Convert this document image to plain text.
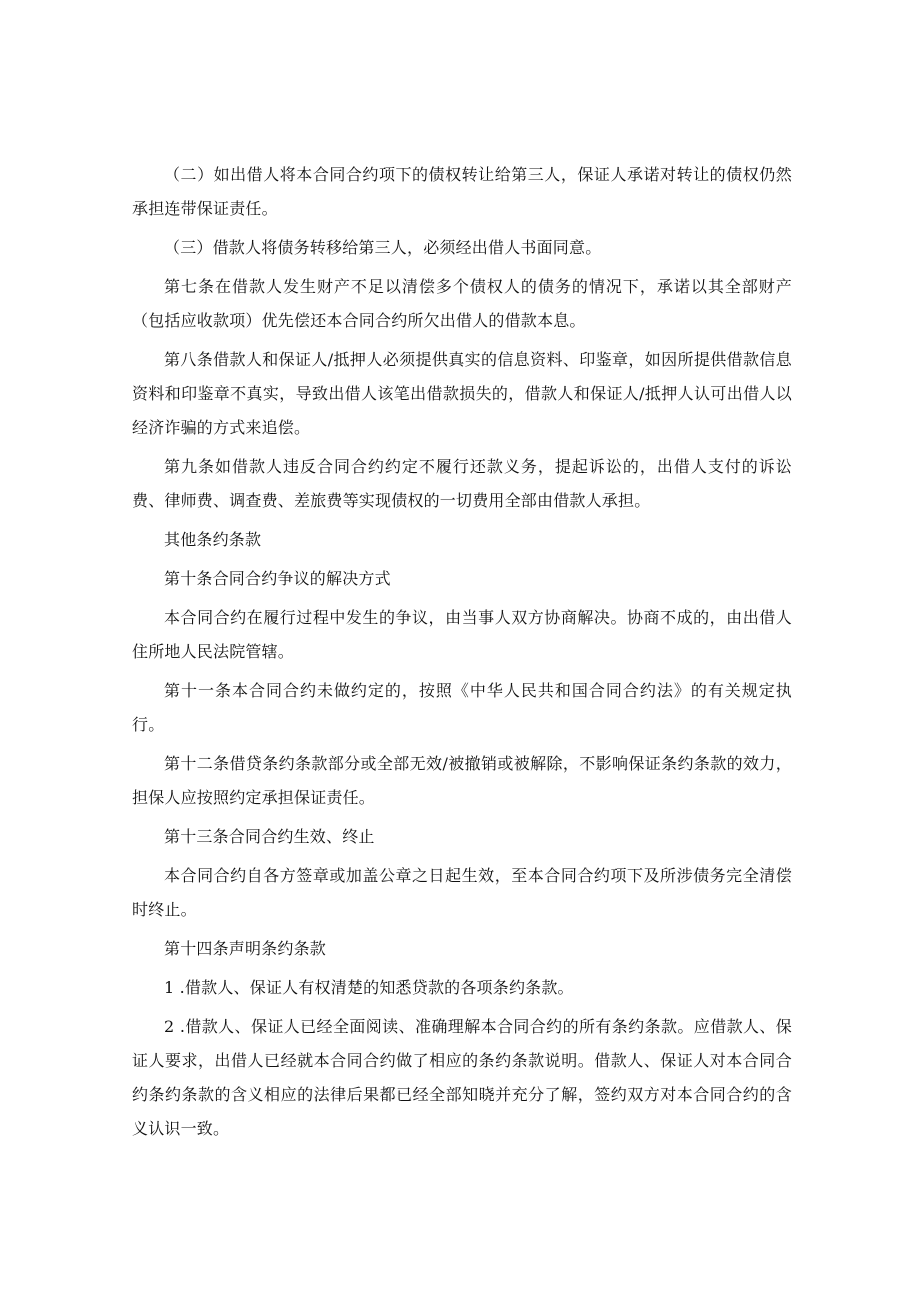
（二）如出借人将本合同合约项下的债权转让给第三人，保证人承诺对转让的债权仍然承担连带保证责任。

（三）借款人将债务转移给第三人，必须经出借人书面同意。

第七条在借款人发生财产不足以清偿多个债权人的债务的情况下，承诺以其全部财产（包括应收款项）优先偿还本合同合约所欠出借人的借款本息。

第八条借款人和保证人/抵押人必须提供真实的信息资料、印鉴章，如因所提供借款信息资料和印鉴章不真实，导致出借人该笔出借款损失的，借款人和保证人/抵押人认可出借人以经济诈骗的方式来追偿。

第九条如借款人违反合同合约约定不履行还款义务，提起诉讼的，出借人支付的诉讼费、律师费、调查费、差旅费等实现债权的一切费用全部由借款人承担。

其他条约条款

第十条合同合约争议的解决方式

本合同合约在履行过程中发生的争议，由当事人双方协商解决。协商不成的，由出借人住所地人民法院管辖。

第十一条本合同合约未做约定的，按照《中华人民共和国合同合约法》的有关规定执行。

第十二条借贷条约条款部分或全部无效/被撤销或被解除，不影响保证条约条款的效力，担保人应按照约定承担保证责任。

第十三条合同合约生效、终止

本合同合约自各方签章或加盖公章之日起生效，至本合同合约项下及所涉债务完全清偿时终止。

第十四条声明条约条款

1 .借款人、保证人有权清楚的知悉贷款的各项条约条款。

2 .借款人、保证人已经全面阅读、准确理解本合同合约的所有条约条款。应借款人、保证人要求，出借人已经就本合同合约做了相应的条约条款说明。借款人、保证人对本合同合约条约条款的含义相应的法律后果都已经全部知晓并充分了解，签约双方对本合同合约的含义认识一致。
